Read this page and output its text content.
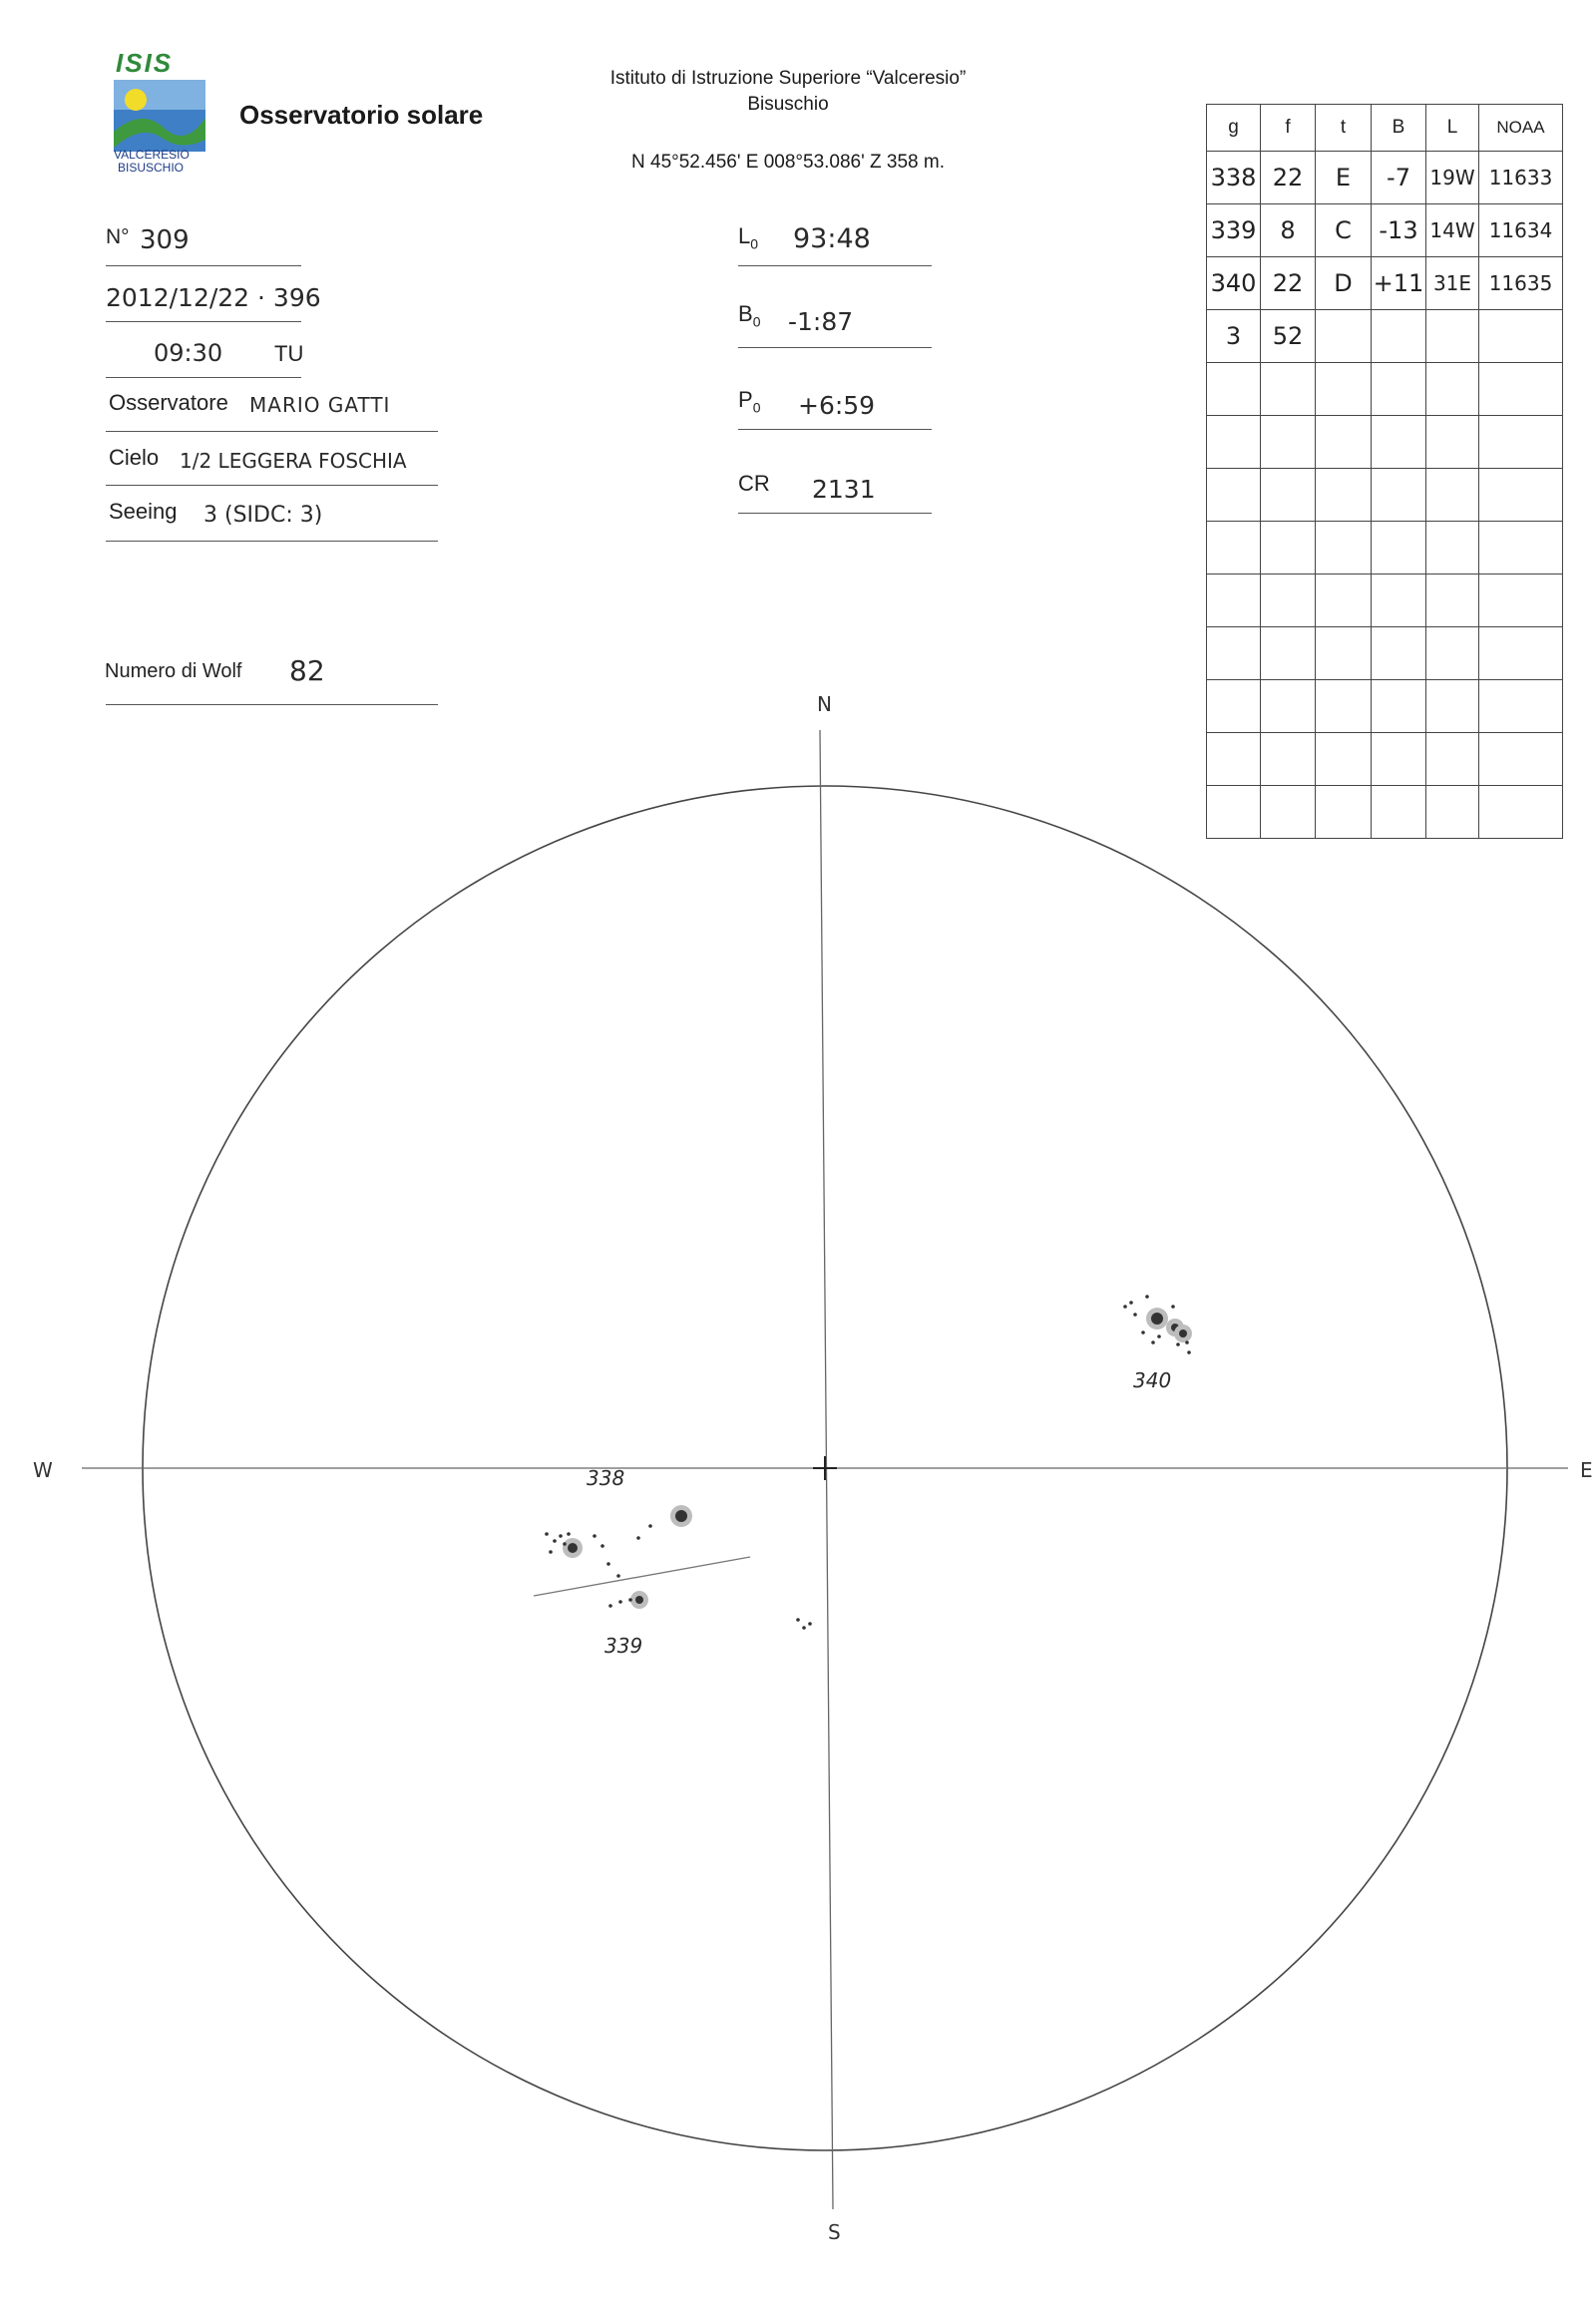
ISIS
VALCERESIO
BISUSCHIO
Osservatorio solare
Istituto di Istruzione Superiore “Valceresio”
Bisuschio
N 45°52.456' E 008°53.086' Z 358 m.
N° 309
2012/12/22 · 396
09:30 TU
Osservatore MARIO GATTI
Cielo 1/2 LEGGERA FOSCHIA
Seeing 3 (SIDC: 3)
Numero di Wolf 82
$L_0$ 93:48
$B_0$ -1:87
$P_0$ +6:59
CR 2131
g	f	t	B	L	NOAA
338	22	E	-7	19W	11633
339	8	C	-13	14W	11634
340	22	D	+11	31E	11635
3	52				

N
S
W	E
338
339
340
